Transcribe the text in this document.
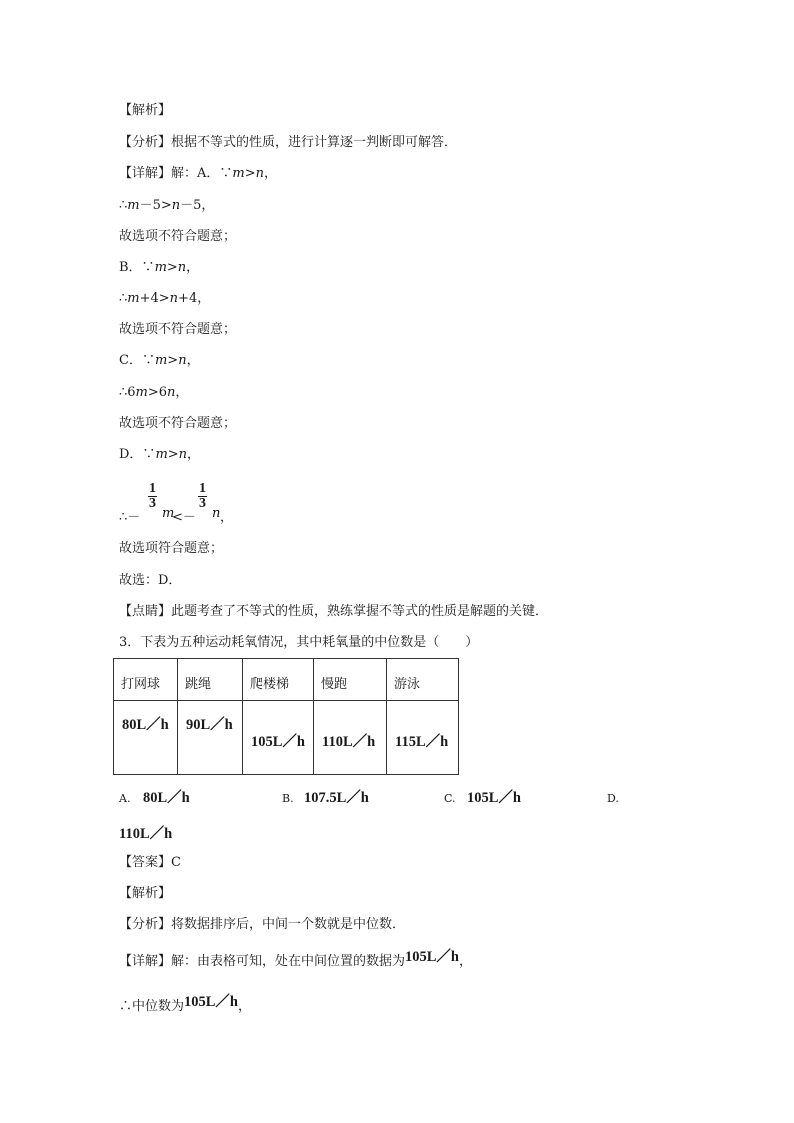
【解析】
【分析】根据不等式的性质，进行计算逐一判断即可解答．
【详解】解：A．∵m>n，
∴m－5>n－5，
故选项不符合题意；
B．∵m>n，
∴m+4>n+4，
故选项不符合题意；
C．∵m>n，
∴6m>6n，
故选项不符合题意；
D．∵m>n，
$\frac{1}{3}$	$\frac{1}{3}$
∴－ m
<－ n ，
故选项符合题意；
故选：D．
【点睛】此题考查了不等式的性质，熟练掌握不等式的性质是解题的关键．
3．下表为五种运动耗氧情况，其中耗氧量的中位数是（　　）
打网球	跳绳	爬楼梯	慢跑	游泳

80L／h	90L／h	105L／h	110L／h	115L／h
A. 80L／h	B. 107.5L／h	C. 105L／h	D.
110L／h
【答案】C
【解析】
【分析】将数据排序后，中间一个数就是中位数．
【详解】解：由表格可知，处在中间位置的数据为105L／h，
∴中位数为105L／h，
